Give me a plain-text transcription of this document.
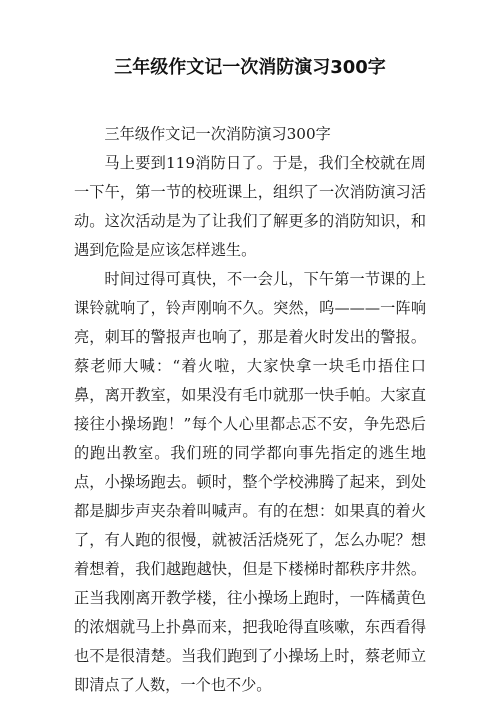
三年级作文记一次消防演习300字

三年级作文记一次消防演习300字

马上要到119消防日了。于是，我们全校就在周一下午，第一节的校班课上，组织了一次消防演习活动。这次活动是为了让我们了解更多的消防知识，和遇到危险是应该怎样逃生。

时间过得可真快，不一会儿，下午第一节课的上课铃就响了，铃声刚响不久。突然，呜———一阵响亮，刺耳的警报声也响了，那是着火时发出的警报。蔡老师大喊：“着火啦，大家快拿一块毛巾捂住口鼻，离开教室，如果没有毛巾就那一快手帕。大家直接往小操场跑！”每个人心里都忐忑不安，争先恐后的跑出教室。我们班的同学都向事先指定的逃生地点，小操场跑去。顿时，整个学校沸腾了起来，到处都是脚步声夹杂着叫喊声。有的在想：如果真的着火了，有人跑的很慢，就被活活烧死了，怎么办呢？想着想着，我们越跑越快，但是下楼梯时都秩序井然。正当我刚离开教学楼，往小操场上跑时，一阵橘黄色的浓烟就马上扑鼻而来，把我呛得直咳嗽，东西看得也不是很清楚。当我们跑到了小操场上时，蔡老师立即清点了人数，一个也不少。
